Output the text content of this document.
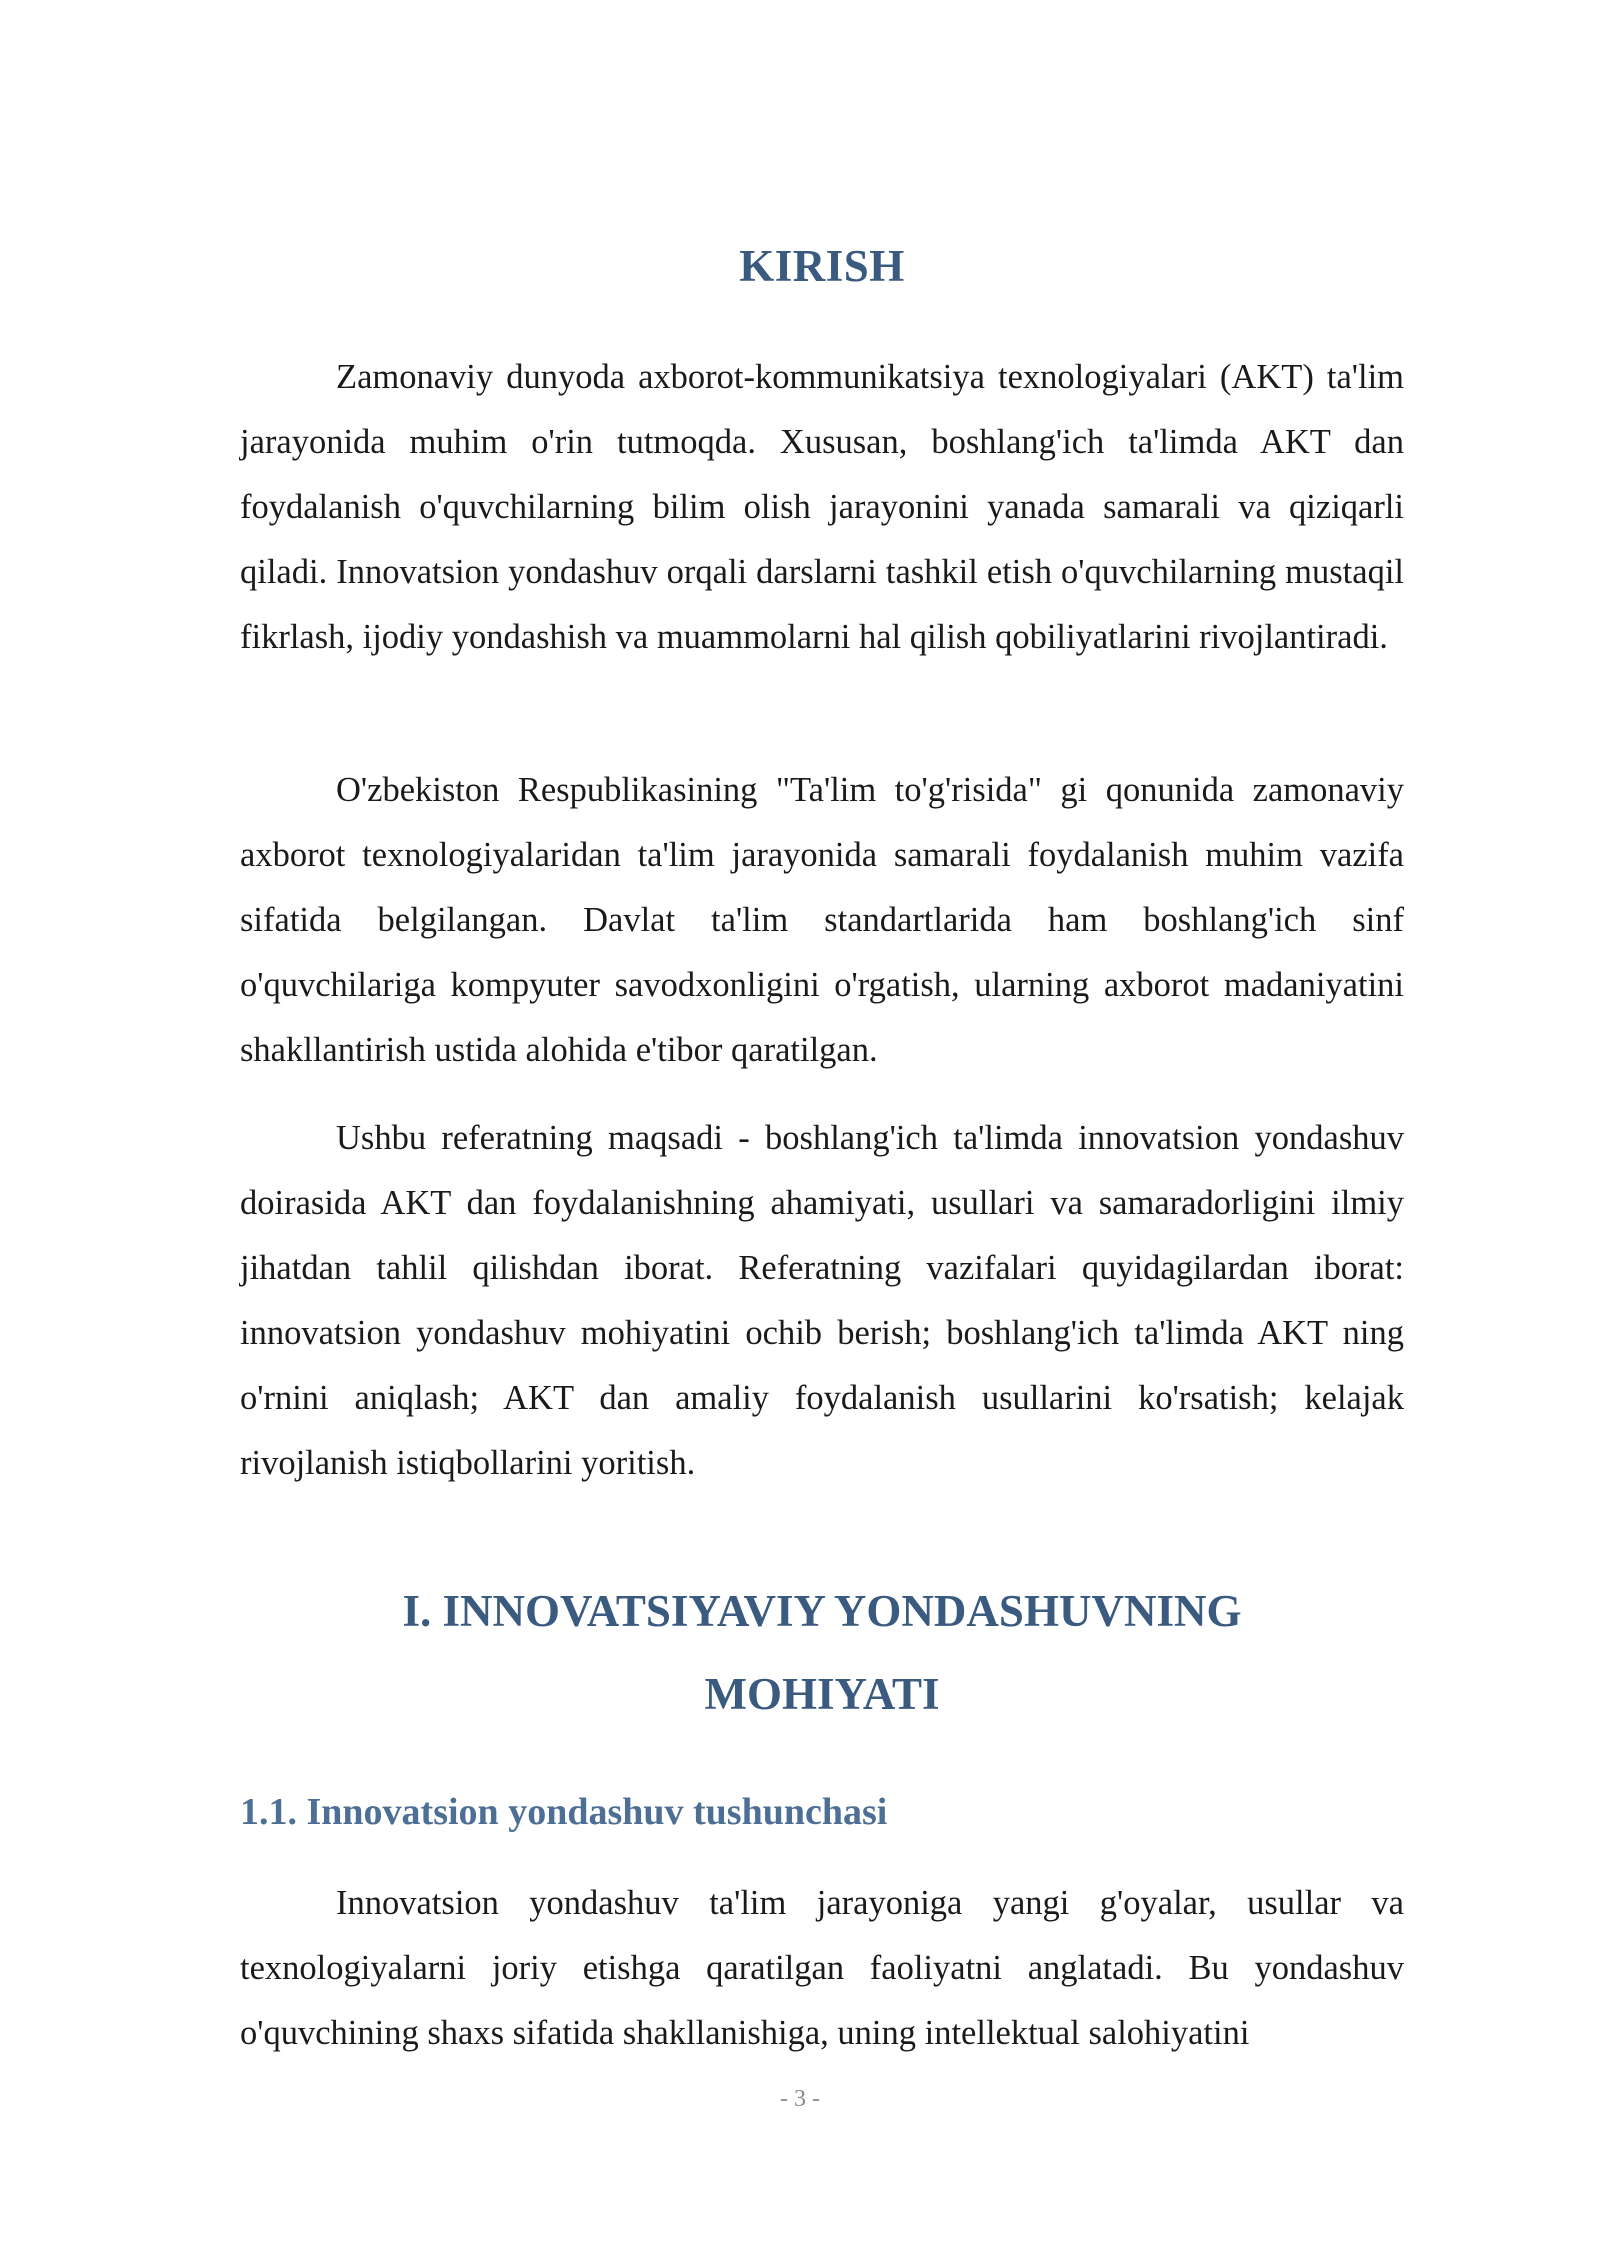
KIRISH

Zamonaviy dunyoda axborot-kommunikatsiya texnologiyalari (AKT) ta'lim jarayonida muhim o'rin tutmoqda. Xususan, boshlang'ich ta'limda AKT dan foydalanish o'quvchilarning bilim olish jarayonini yanada samarali va qiziqarli qiladi. Innovatsion yondashuv orqali darslarni tashkil etish o'quvchilarning mustaqil fikrlash, ijodiy yondashish va muammolarni hal qilish qobiliyatlarini rivojlantiradi.

O'zbekiston Respublikasining "Ta'lim to'g'risida" gi qonunida zamonaviy axborot texnologiyalaridan ta'lim jarayonida samarali foydalanish muhim vazifa sifatida belgilangan. Davlat ta'lim standartlarida ham boshlang'ich sinf o'quvchilariga kompyuter savodxonligini o'rgatish, ularning axborot madaniyatini shakllantirish ustida alohida e'tibor qaratilgan.

Ushbu referatning maqsadi - boshlang'ich ta'limda innovatsion yondashuv doirasida AKT dan foydalanishning ahamiyati, usullari va samaradorligini ilmiy jihatdan tahlil qilishdan iborat. Referatning vazifalari quyidagilardan iborat: innovatsion yondashuv mohiyatini ochib berish; boshlang'ich ta'limda AKT ning o'rnini aniqlash; AKT dan amaliy foydalanish usullarini ko'rsatish; kelajak rivojlanish istiqbollarini yoritish.

I. INNOVATSIYAVIY YONDASHUVNING
MOHIYATI
1.1. Innovatsion yondashuv tushunchasi

Innovatsion yondashuv ta'lim jarayoniga yangi g'oyalar, usullar va texnologiyalarni joriy etishga qaratilgan faoliyatni anglatadi. Bu yondashuv o'quvchining shaxs sifatida shakllanishiga, uning intellektual salohiyatini

- 3 -
